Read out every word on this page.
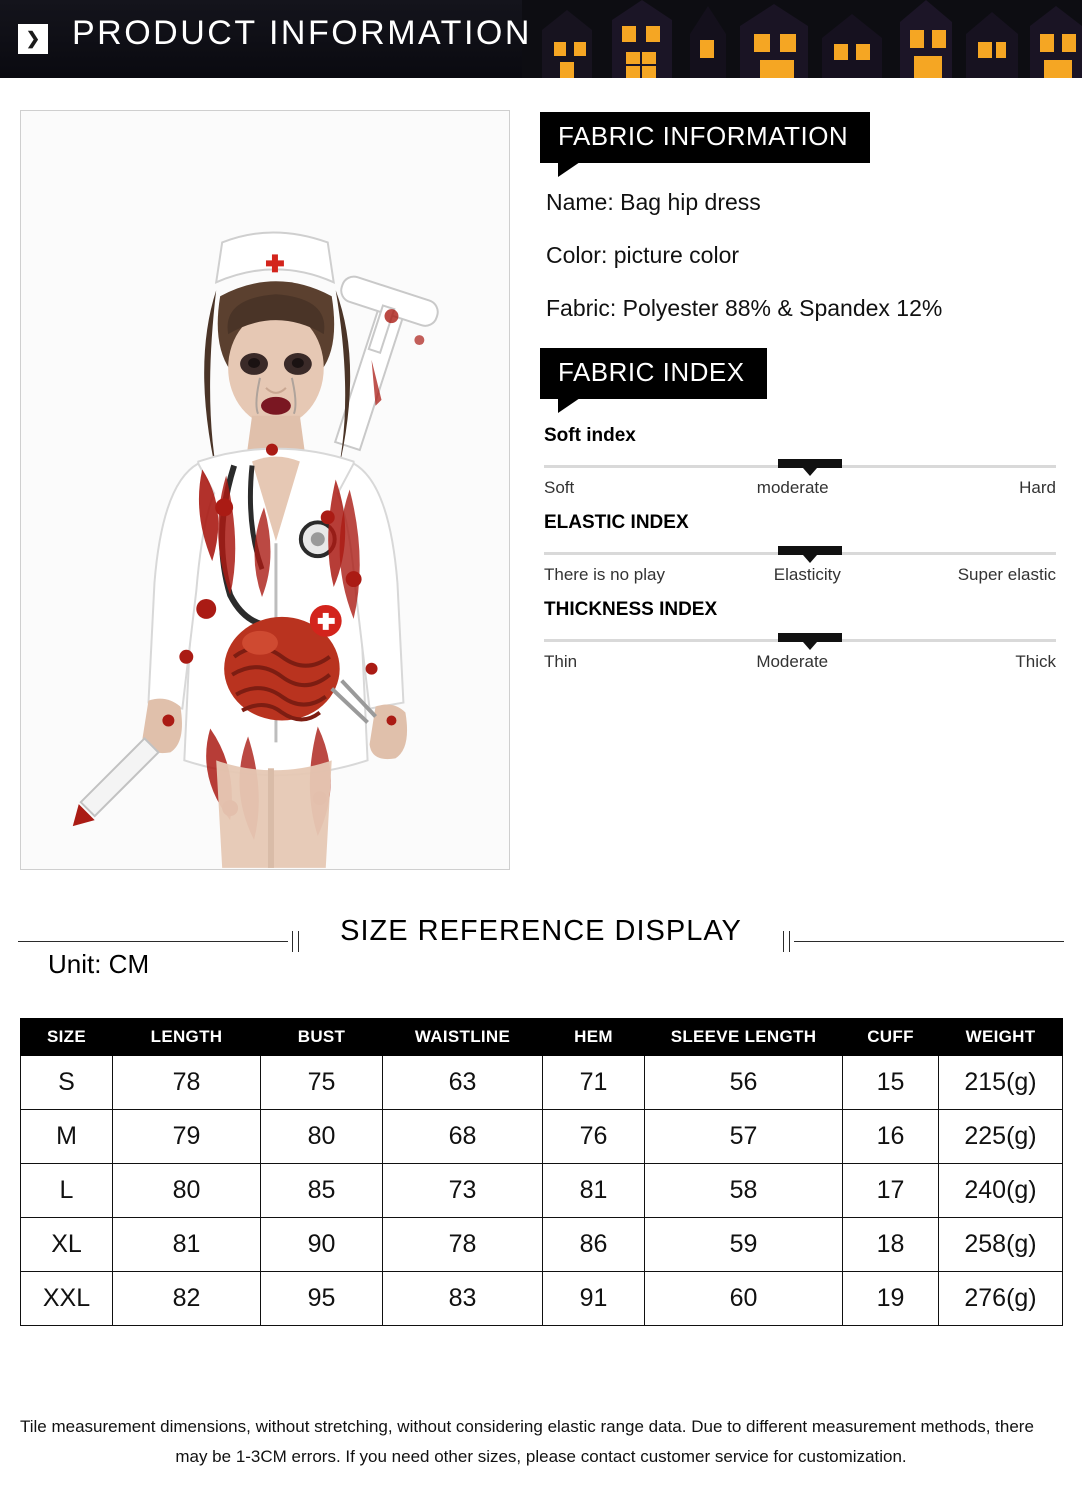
❯ PRODUCT INFORMATION
FABRIC INFORMATION
Name: Bag hip dress
Color: picture color
Fabric: Polyester 88% & Spandex 12%
FABRIC INDEX
Soft index
Soft	moderate	Hard
ELASTIC INDEX
There is no play	Elasticity	Super elastic
THICKNESS INDEX
Thin	Moderate	Thick
SIZE REFERENCE DISPLAY
Unit: CM
SIZE	LENGTH	BUST	WAISTLINE	HEM	SLEEVE LENGTH	CUFF	WEIGHT
S	78	75	63	71	56	15	215(g)
M	79	80	68	76	57	16	225(g)
L	80	85	73	81	58	17	240(g)
XL	81	90	78	86	59	18	258(g)
XXL	82	95	83	91	60	19	276(g)
Tile measurement dimensions, without stretching, without considering elastic range data. Due to different measurement methods, there
may be 1-3CM errors. If you need other sizes, please contact customer service for customization.
